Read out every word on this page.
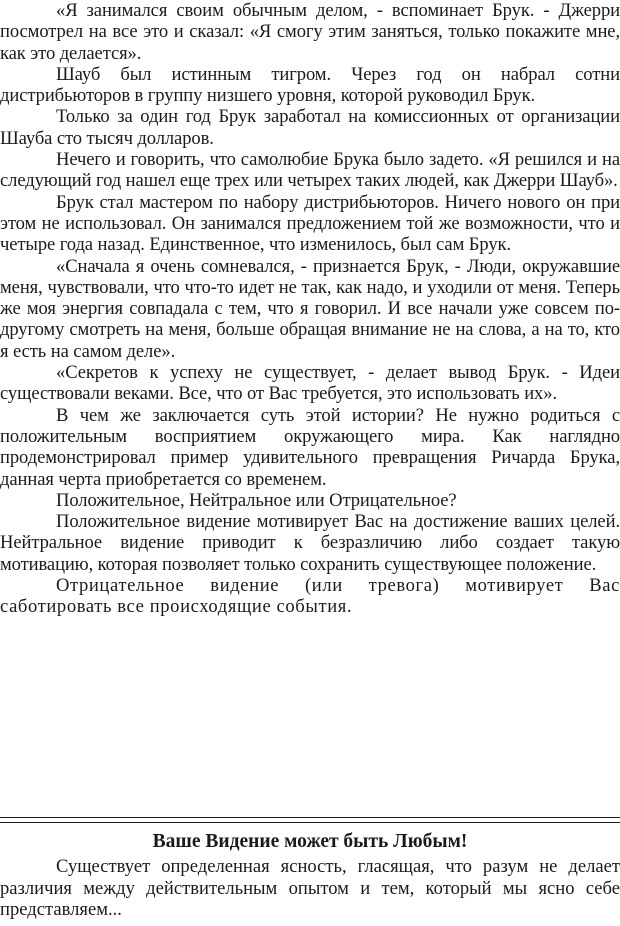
«Я занимался своим обычным делом, - вспоминает Брук. - Джерри посмотрел на все это и сказал: «Я смогу этим заняться, только покажите мне, как это делается».

Шауб был истинным тигром. Через год он набрал сотни дистрибьюторов в группу низшего уровня, которой руководил Брук.

Только за один год Брук заработал на комиссионных от организации Шауба сто тысяч долларов.

Нечего и говорить, что самолюбие Брука было задето. «Я решился и на следующий год нашел еще трех или четырех таких людей, как Джерри Шауб».

Брук стал мастером по набору дистрибьюторов. Ничего нового он при этом не использовал. Он занимался предложением той же возможности, что и четыре года назад. Единственное, что изменилось, был сам Брук.

«Сначала я очень сомневался, - признается Брук, - Люди, окружавшие меня, чувствовали, что что-то идет не так, как надо, и уходили от меня. Теперь же моя энергия совпадала с тем, что я говорил. И все начали уже совсем по-другому смотреть на меня, больше обращая внимание не на слова, а на то, кто я есть на самом деле».

«Секретов к успеху не существует, - делает вывод Брук. - Идеи существовали веками. Все, что от Вас требуется, это использовать их».

В чем же заключается суть этой истории? Не нужно родиться с положительным восприятием окружающего мира. Как наглядно продемонстрировал пример удивительного превращения Ричарда Брука, данная черта приобретается со временем.

Положительное, Нейтральное или Отрицательное?

Положительное видение мотивирует Вас на достижение ваших целей. Нейтральное видение приводит к безразличию либо создает такую мотивацию, которая позволяет только сохранить существующее положение.

Отрицательное видение (или тревога) мотивирует Вас саботировать все происходящие события.

Ваше Видение может быть Любым!

Существует определенная ясность, гласящая, что разум не делает различия между действительным опытом и тем, который мы ясно себе представляем...
